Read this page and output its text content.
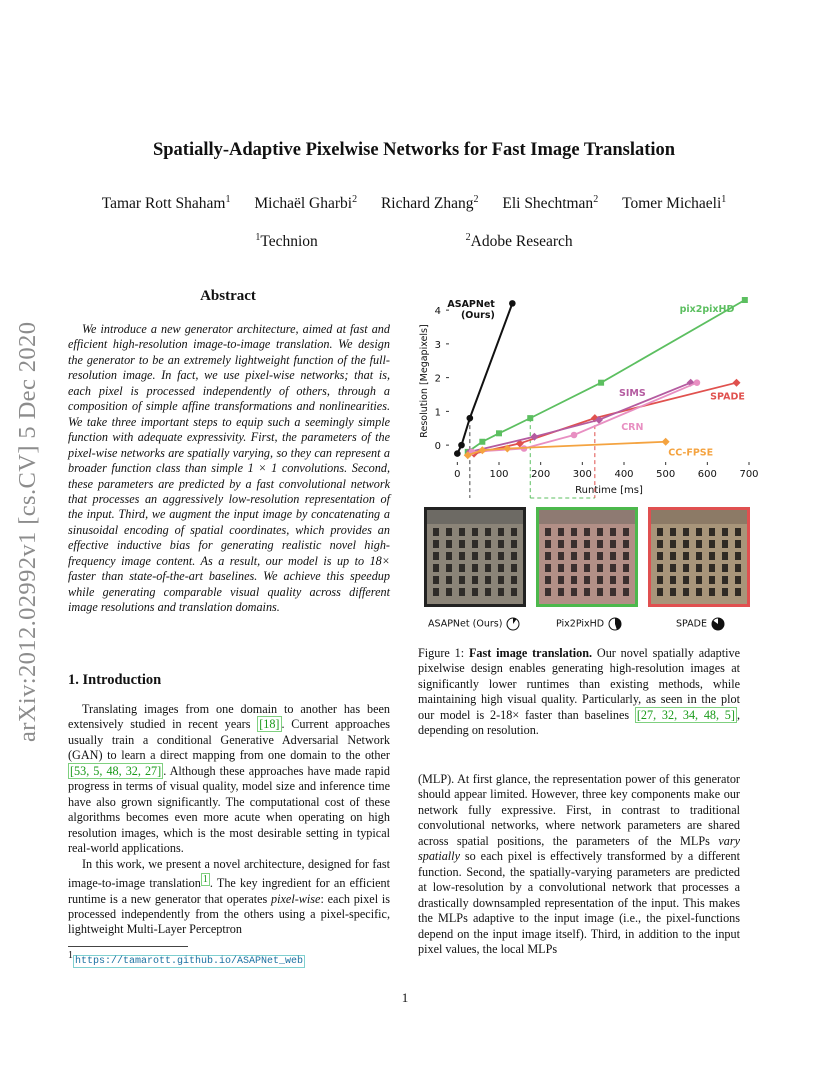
Spatially-Adaptive Pixelwise Networks for Fast Image Translation
Tamar Rott Shaham$^1$ Michaël Gharbi$^2$ Richard Zhang$^2$ Eli Shechtman$^2$ Tomer Michaeli$^1$
$^1$Technion	$^2$Adobe Research
arXiv:2012.02992v1 [cs.CV] 5 Dec 2020
Abstract

We introduce a new generator architecture, aimed at fast and efficient high-resolution image-to-image translation. We design the generator to be an extremely lightweight function of the full-resolution image. In fact, we use pixel-wise networks; that is, each pixel is processed independently of others, through a composition of simple affine transformations and nonlinearities. We take three important steps to equip such a seemingly simple function with adequate expressivity. First, the parameters of the pixel-wise networks are spatially varying, so they can represent a broader function class than simple 1 × 1 convolutions. Second, these parameters are predicted by a fast convolutional network that processes an aggressively low-resolution representation of the input. Third, we augment the input image by concatenating a sinusoidal encoding of spatial coordinates, which provides an effective inductive bias for generating realistic novel high-frequency image content. As a result, our model is up to 18× faster than state-of-the-art baselines. We achieve this speedup while generating comparable visual quality across different image resolutions and translation domains.

1. Introduction

Translating images from one domain to another has been extensively studied in recent years [18] . Current approaches usually train a conditional Generative Adversarial Network (GAN) to learn a direct mapping from one domain to the other [53, 5, 48, 32, 27] . Although these approaches have made rapid progress in terms of visual quality, model size and inference time have also grown significantly. The computational cost of these algorithms becomes even more acute when operating on high resolution images, which is the most desirable setting in typical real-world applications.

In this work, we present a novel architecture, designed for fast image-to-image translation $^1$ . The key ingredient for an efficient runtime is a new generator that operates pixel-wise: each pixel is processed independently from the others using a pixel-specific, lightweight Multi-Layer Perceptron

$^1$ https://tamarott.github.io/ASAPNet_web
0	100 200 300 400 500 600 700
0
1
2
3
4
Runtime [ms]
Resolution [Megapixels]
ASAPNet
(Ours)
pix2pixHD
SPADE
SIMS
CRN
CC-FPSE
ASAPNet (Ours)	Pix2PixHD	SPADE

Figure 1: Fast image translation. Our novel spatially adaptive pixelwise design enables generating high-resolution images at significantly lower runtimes than existing methods, while maintaining high visual quality. Particularly, as seen in the plot our model is 2-18× faster than baselines [27, 32, 34, 48, 5] , depending on resolution.

(MLP). At first glance, the representation power of this generator should appear limited. However, three key components make our network fully expressive. First, in contrast to traditional convolutional networks, where network parameters are shared across spatial positions, the parameters of the MLPs vary spatially so each pixel is effectively transformed by a different function. Second, the spatially-varying parameters are predicted at low-resolution by a convolutional network that processes a drastically downsampled representation of the input. This makes the MLPs adaptive to the input image (i.e., the pixel-functions depend on the input image itself). Third, in addition to the input pixel values, the local MLPs

1
